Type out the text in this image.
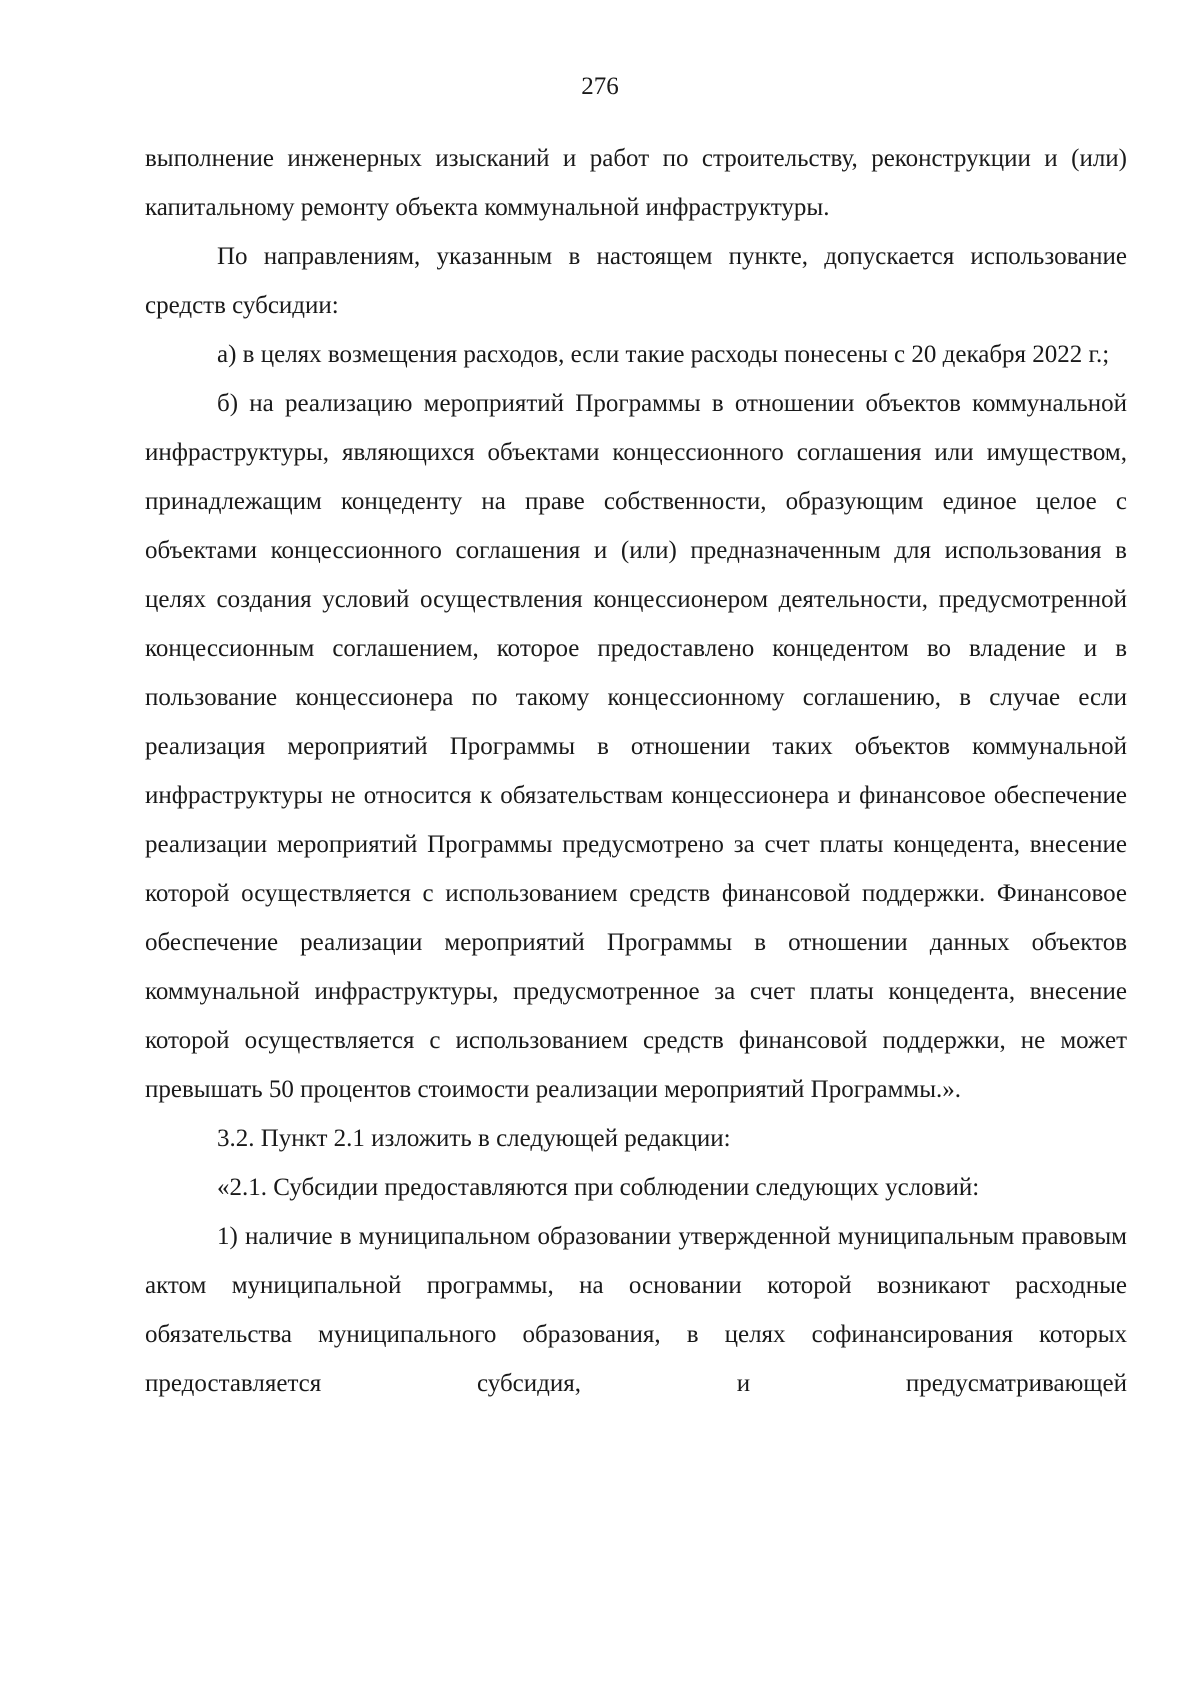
276

выполнение инженерных изысканий и работ по строительству, реконструкции и (или) капитальному ремонту объекта коммунальной инфраструктуры.

По направлениям, указанным в настоящем пункте, допускается использование средств субсидии:

а) в целях возмещения расходов, если такие расходы понесены с 20 декабря 2022 г.;

б) на реализацию мероприятий Программы в отношении объектов коммунальной инфраструктуры, являющихся объектами концессионного соглашения или имуществом, принадлежащим концеденту на праве собственности, образующим единое целое с объектами концессионного соглашения и (или) предназначенным для использования в целях создания условий осуществления концессионером деятельности, предусмотренной концессионным соглашением, которое предоставлено концедентом во владение и в пользование концессионера по такому концессионному соглашению, в случае если реализация мероприятий Программы в отношении таких объектов коммунальной инфраструктуры не относится к обязательствам концессионера и финансовое обеспечение реализации мероприятий Программы предусмотрено за счет платы концедента, внесение которой осуществляется с использованием средств финансовой поддержки. Финансовое обеспечение реализации мероприятий Программы в отношении данных объектов коммунальной инфраструктуры, предусмотренное за счет платы концедента, внесение которой осуществляется с использованием средств финансовой поддержки, не может превышать 50 процентов стоимости реализации мероприятий Программы.».

3.2. Пункт 2.1 изложить в следующей редакции:

«2.1. Субсидии предоставляются при соблюдении следующих условий:

1) наличие в муниципальном образовании утвержденной муниципальным правовым актом муниципальной программы, на основании которой возникают расходные обязательства муниципального образования, в целях софинансирования которых предоставляется субсидия, и предусматривающей
